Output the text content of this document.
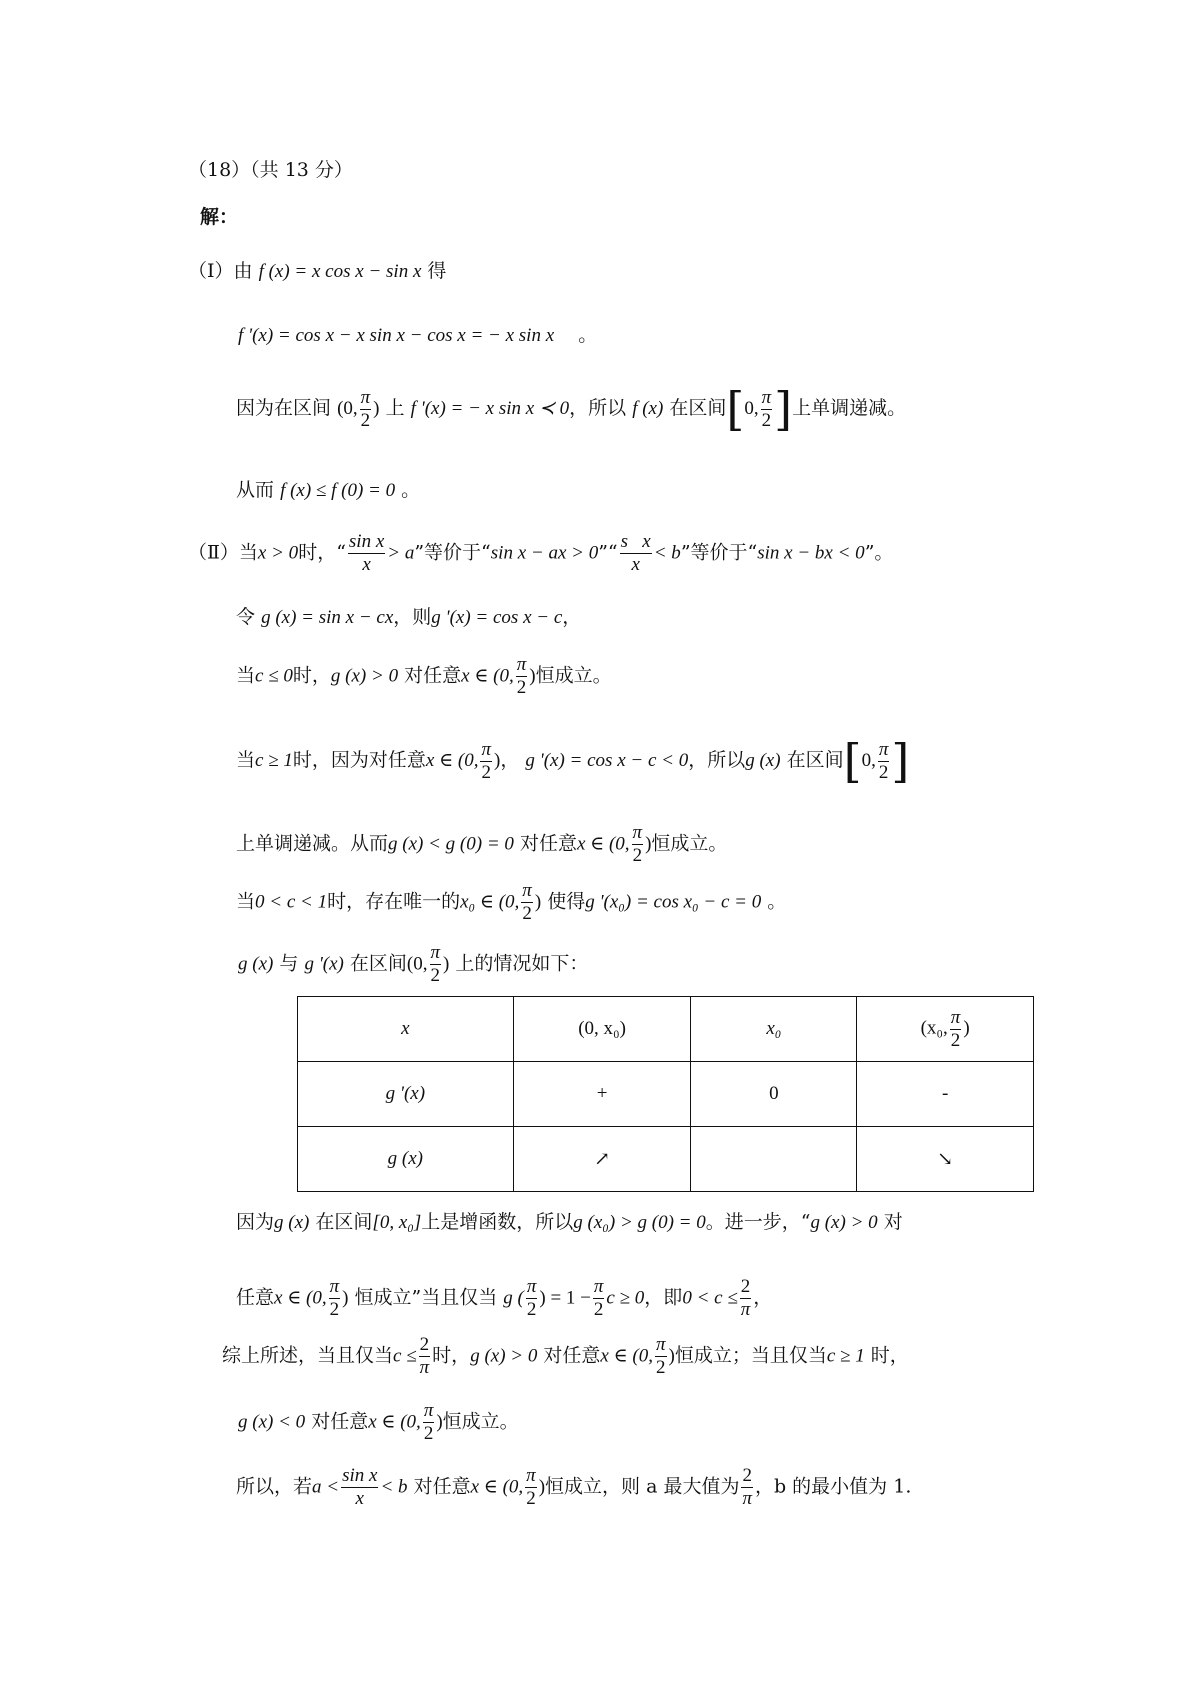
（18）（共 13 分）
解：
（Ⅰ）由 f (x) = x cos x − sin x 得
f '(x) = cos x − x sin x − cos x = − x sin x 。
因为在区间 (0, $\frac{\pi}{2}$ ) 上 f '(x) = − x sin x ≺ 0，所以 f (x) 在区间[0, $\frac{\pi}{2}$ ]上单调递减。
从而 f (x) ≤ f (0) = 0 。
（Ⅱ）当x > 0时，“ $\frac{\text{sin x}}{x} > a$”等价于“sin x − ax > 0”“ $\frac{\text{s   x}}{x} < b$”等价于“sin x − bx < 0”。
令 g (x) = sin x − cx，则g '(x) = cos x − c，
当c ≤ 0时，g (x) > 0 对任意x ∈ (0, $\frac{\pi}{2}$ )恒成立。
当c ≥ 1时，因为对任意x ∈ (0, $\frac{\pi}{2}$ )， g '(x) = cos x − c < 0，所以g (x) 在区间[0, $\frac{\pi}{2}$ ]
上单调递减。从而g (x) < g (0) = 0 对任意x ∈ (0, $\frac{\pi}{2}$ )恒成立。
当0 < c < 1时，存在唯一的x₀ ∈ (0, $\frac{\pi}{2}$ ) 使得g '(x₀) = cos x₀ − c = 0 。
g (x) 与 g '(x) 在区间(0, $\frac{\pi}{2}$ ) 上的情况如下：
x	(0, x₀)	x₀	(x₀, $\frac{\pi}{2}$ )
g '(x)	+	0	-
g (x)	↗		↘
因为g (x) 在区间[0, x₀]上是增函数，所以g (x₀) > g (0) = 0。进一步，“g (x) > 0 对
任意x ∈ (0, $\frac{\pi}{2}$ ) 恒成立”当且仅当 g ( $\frac{\pi}{2}$ ) = $1 - \frac{\pi}{2}$ c ≥ 0，即$0 < c \le \frac{2}{\pi}$ ，
综上所述，当且仅当$c \le \frac{2}{\pi}$ 时，g (x) > 0 对任意x ∈ (0, $\frac{\pi}{2}$ )恒成立；当且仅当c ≥ 1 时，
g (x) < 0 对任意x ∈ (0, $\frac{\pi}{2}$ )恒成立。
所以，若$a < \frac{\text{sin x}}{x} < b$ 对任意x ∈ (0, $\frac{\pi}{2}$ )恒成立，则 a 最大值为 $\frac{2}{\pi}$ ，b 的最小值为 1.
